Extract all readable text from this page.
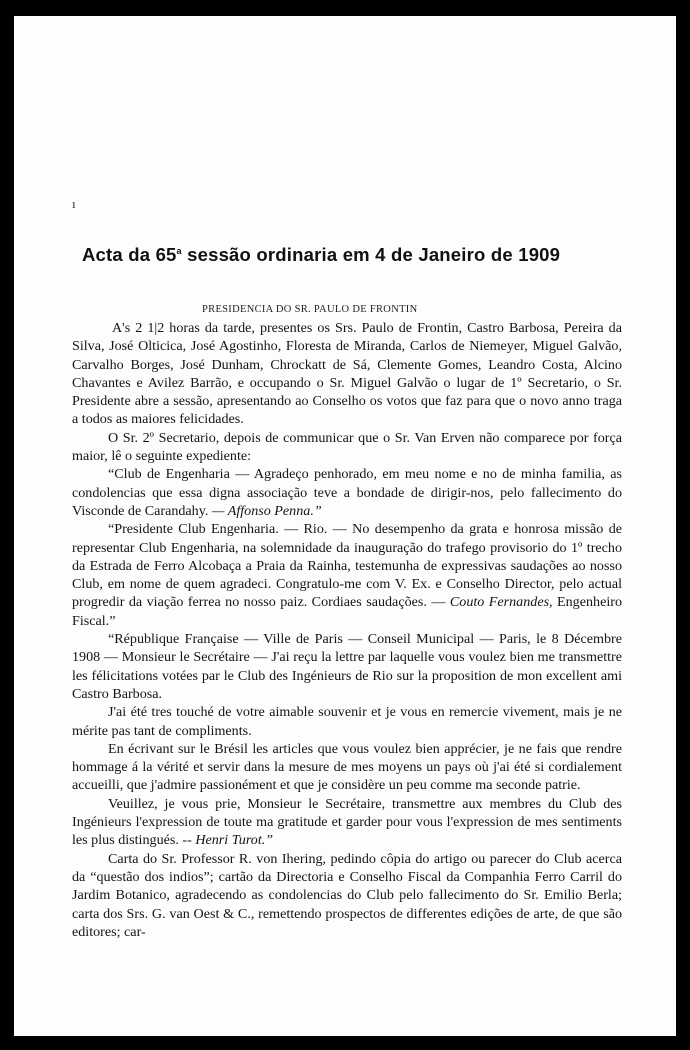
ı
Acta da 65$^a$ sessão ordinaria em 4 de Janeiro de 1909
PRESIDENCIA DO SR. PAULO DE FRONTIN

A's 2 1|2 horas da tarde, presentes os Srs. Paulo de Frontin, Castro Barbosa, Pereira da Silva, José Olticica, José Agostinho, Floresta de Miranda, Carlos de Niemeyer, Miguel Galvão, Carvalho Borges, José Dunham, Chrockatt de Sá, Clemente Gomes, Leandro Costa, Alcino Chavantes e Avilez Barrão, e occupando o Sr. Miguel Galvão o lugar de 1º Secretario, o Sr. Presidente abre a sessão, apresentando ao Conselho os votos que faz para que o novo anno traga a todos as maiores felicidades.

O Sr. 2º Secretario, depois de communicar que o Sr. Van Erven não comparece por força maior, lê o seguinte expediente:

“Club de Engenharia — Agradeço penhorado, em meu nome e no de minha familia, as condolencias que essa digna associação teve a bondade de dirigir-nos, pelo fallecimento do Visconde de Carandahy. — Affonso Penna.”

“Presidente Club Engenharia. — Rio. — No desempenho da grata e honrosa missão de representar Club Engenharia, na solemnidade da inauguração do trafego provisorio do 1º trecho da Estrada de Ferro Alcobaça a Praia da Rainha, testemunha de expressivas saudações ao nosso Club, em nome de quem agradeci. Congratulo-me com V. Ex. e Conselho Director, pelo actual progredir da viação ferrea no nosso paiz. Cordiaes saudações. — Couto Fernandes, Engenheiro Fiscal.”

“République Française — Ville de Paris — Conseil Municipal — Paris, le 8 Décembre 1908 — Monsieur le Secrétaire — J'ai reçu la lettre par laquelle vous voulez bien me transmettre les félicitations votées par le Club des Ingénieurs de Rio sur la proposition de mon excellent ami Castro Barbosa.

J'ai été tres touché de votre aimable souvenir et je vous en remercie vivement, mais je ne mérite pas tant de compliments.

En écrivant sur le Brésil les articles que vous voulez bien apprécier, je ne fais que rendre hommage á la vérité et servir dans la mesure de mes moyens un pays où j'ai été si cordialement accueilli, que j'admire passionément et que je considère un peu comme ma seconde patrie.

Veuillez, je vous prie, Monsieur le Secrétaire, transmettre aux membres du Club des Ingénieurs l'expression de toute ma gratitude et garder pour vous l'expression de mes sentiments les plus distingués. -- Henri Turot.”

Carta do Sr. Professor R. von Ihering, pedindo côpia do artigo ou parecer do Club acerca da “questão dos indios”; cartão da Directoria e Conselho Fiscal da Companhia Ferro Carril do Jardim Botanico, agradecendo as condolencias do Club pelo fallecimento do Sr. Emilio Berla; carta dos Srs. G. van Oest & C., remettendo prospectos de differentes edições de arte, de que são editores; car-
